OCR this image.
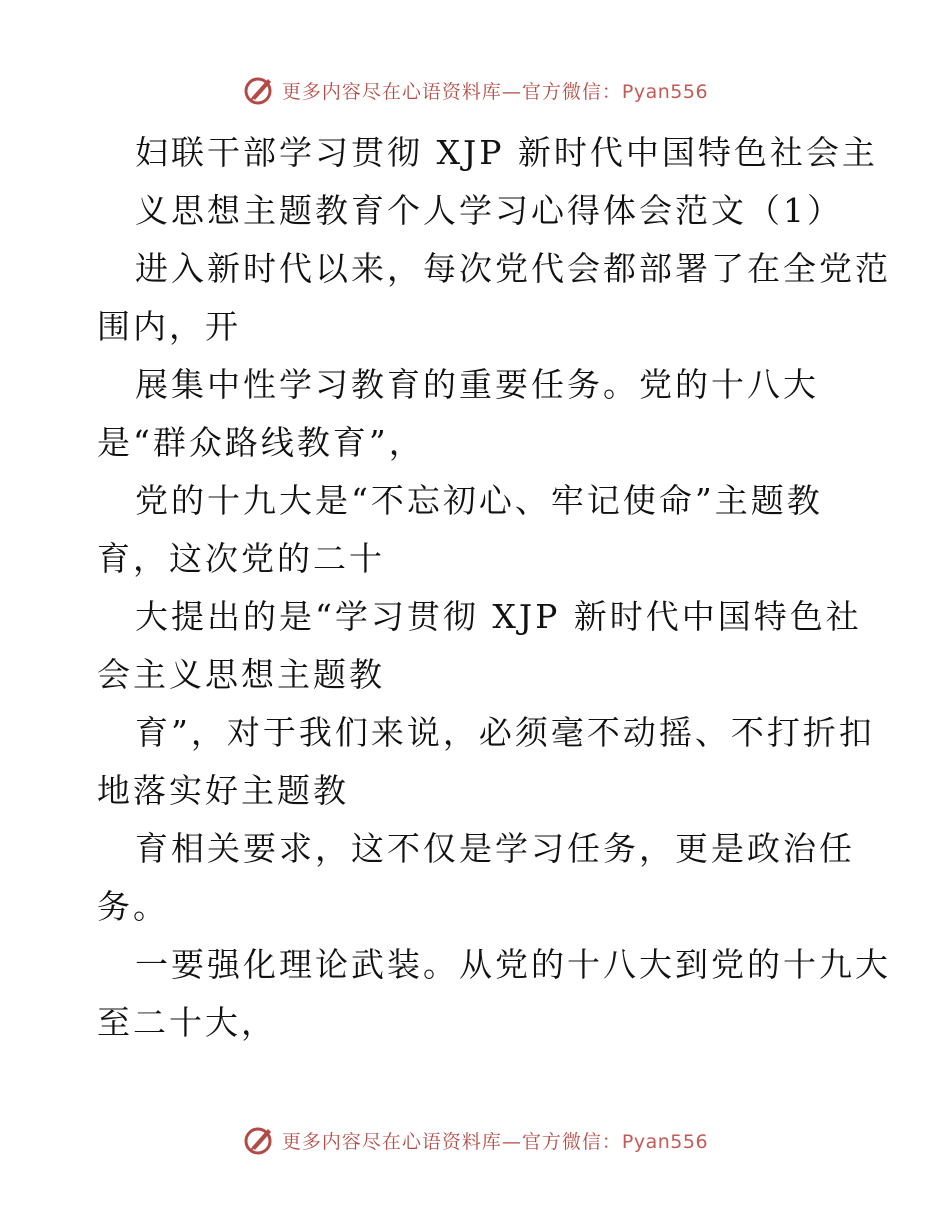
更多内容尽在心语资料库—官方微信：Pyan556
妇联干部学习贯彻 XJP 新时代中国特色社会主
义思想主题教育个人学习心得体会范文（1）
进入新时代以来，每次党代会都部署了在全党范
围内，开
展集中性学习教育的重要任务。党的十八大
是“群众路线教育”，
党的十九大是“不忘初心、牢记使命”主题教
育，这次党的二十
大提出的是“学习贯彻 XJP 新时代中国特色社
会主义思想主题教
育”，对于我们来说，必须毫不动摇、不打折扣
地落实好主题教
育相关要求，这不仅是学习任务，更是政治任
务。
一要强化理论武装。从党的十八大到党的十九大
至二十大，
更多内容尽在心语资料库—官方微信：Pyan556
